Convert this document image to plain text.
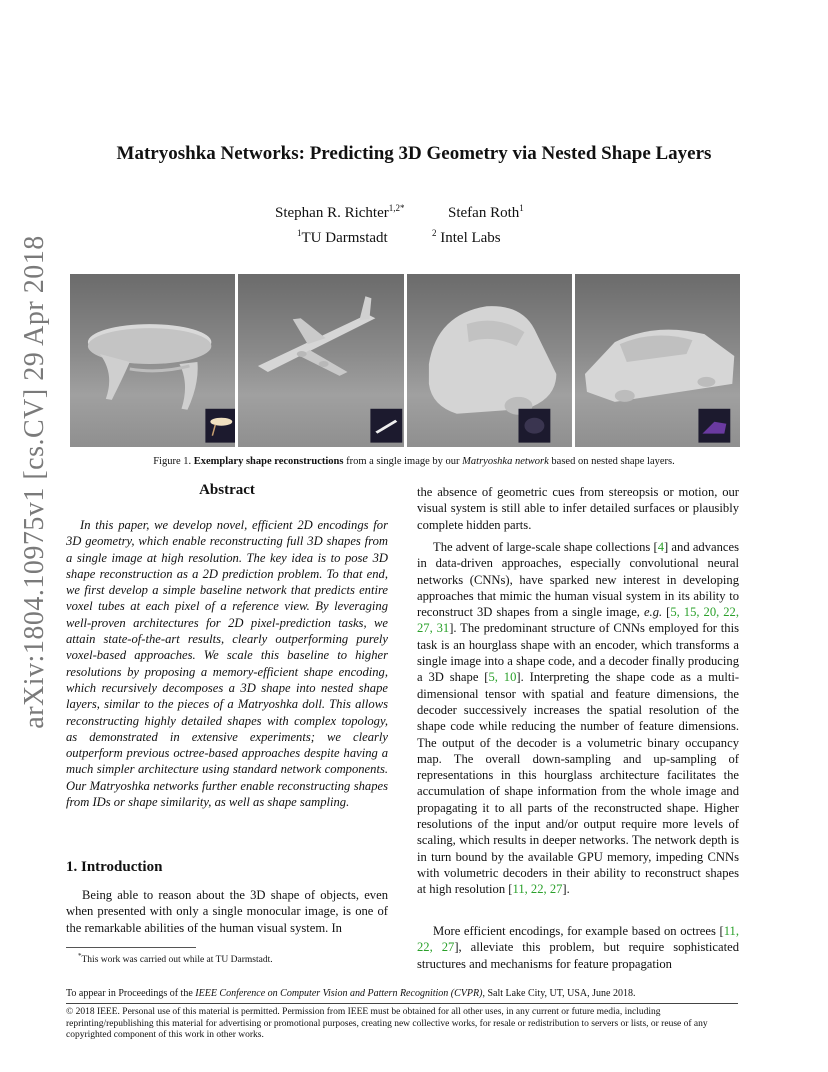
arXiv:1804.10975v1 [cs.CV] 29 Apr 2018
Matryoshka Networks: Predicting 3D Geometry via Nested Shape Layers
Stephan R. Richter$^{1,2*}$	Stefan Roth$^1$
$^1$TU Darmstadt	$^2$ Intel Labs
Figure 1. Exemplary shape reconstructions from a single image by our Matryoshka network based on nested shape layers.
Abstract
In this paper, we develop novel, efficient 2D encodings for 3D geometry, which enable reconstructing full 3D shapes from a single image at high resolution. The key idea is to pose 3D shape reconstruction as a 2D prediction problem. To that end, we first develop a simple baseline network that predicts entire voxel tubes at each pixel of a reference view. By leveraging well-proven architectures for 2D pixel-prediction tasks, we attain state-of-the-art results, clearly outperforming purely voxel-based approaches. We scale this baseline to higher resolutions by proposing a memory-efficient shape encoding, which recursively decomposes a 3D shape into nested shape layers, similar to the pieces of a Matryoshka doll. This allows reconstructing highly detailed shapes with complex topology, as demonstrated in extensive experiments; we clearly outperform previous octree-based approaches despite having a much simpler architecture using standard network components. Our Matryoshka networks further enable reconstructing shapes from IDs or shape similarity, as well as shape sampling.
1. Introduction
Being able to reason about the 3D shape of objects, even when presented with only a single monocular image, is one of the remarkable abilities of the human visual system. In
*This work was carried out while at TU Darmstadt.
the absence of geometric cues from stereopsis or motion, our visual system is still able to infer detailed surfaces or plausibly complete hidden parts.
The advent of large-scale shape collections [4] and advances in data-driven approaches, especially convolutional neural networks (CNNs), have sparked new interest in developing approaches that mimic the human visual system in its ability to reconstruct 3D shapes from a single image, e.g. [5, 15, 20, 22, 27, 31]. The predominant structure of CNNs employed for this task is an hourglass shape with an encoder, which transforms a single image into a shape code, and a decoder finally producing a 3D shape [5, 10]. Interpreting the shape code as a multi-dimensional tensor with spatial and feature dimensions, the decoder successively increases the spatial resolution of the shape code while reducing the number of feature dimensions. The output of the decoder is a volumetric binary occupancy map. The overall down-sampling and up-sampling of representations in this hourglass architecture facilitates the accumulation of shape information from the whole image and propagating it to all parts of the reconstructed shape. Higher resolutions of the input and/or output require more levels of scaling, which results in deeper networks. The network depth is in turn bound by the available GPU memory, impeding CNNs with volumetric decoders in their ability to reconstruct shapes at high resolution [11, 22, 27].
More efficient encodings, for example based on octrees [11, 22, 27], alleviate this problem, but require sophisticated structures and mechanisms for feature propagation
To appear in Proceedings of the IEEE Conference on Computer Vision and Pattern Recognition (CVPR), Salt Lake City, UT, USA, June 2018.
© 2018 IEEE. Personal use of this material is permitted. Permission from IEEE must be obtained for all other uses, in any current or future media, including reprinting/republishing this material for advertising or promotional purposes, creating new collective works, for resale or redistribution to servers or lists, or reuse of any copyrighted component of this work in other works.
